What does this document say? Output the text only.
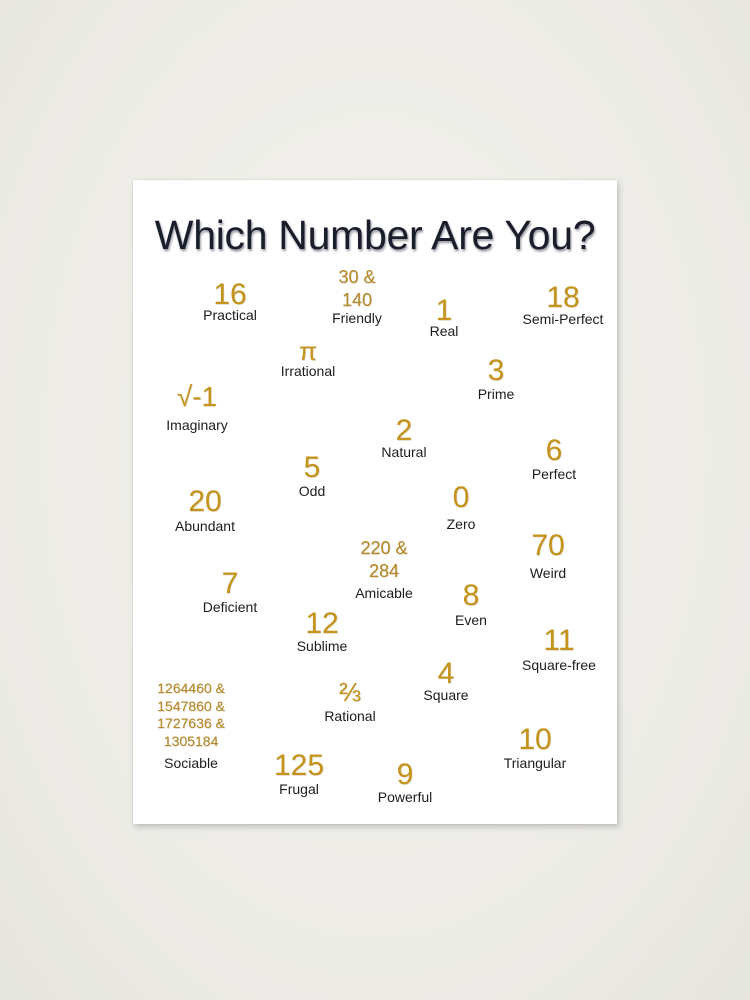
Which Number Are You?
16
Practical
30 &
140
Friendly 1
Real
18
Semi-Perfect
π
Irrational
√-1
Imaginary
3
Prime
2
Natural	6
Perfect
5
Odd
20
Abundant
0
Zero
220 &
284
Amicable
70
Weird
7
Deficient	8
Even
12
Sublime	11
Square-free
4
Square
⅔
Rational
1264460 &
1547860 &
1727636 &
1305184
Sociable
10
Triangular
125
Frugal	9
Powerful
